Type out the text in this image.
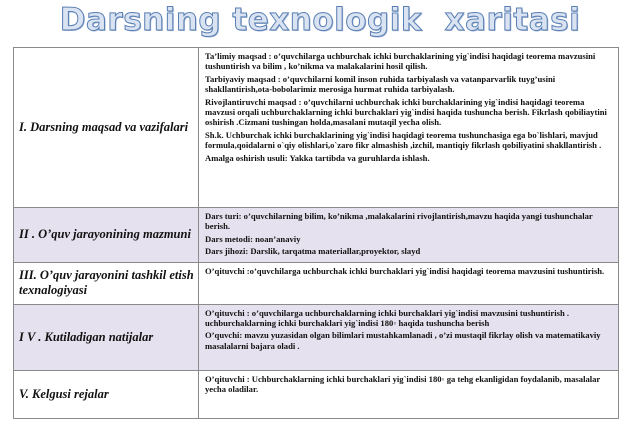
Darsning texnologik  xaritasi
I. Darsning maqsad va vazifalari	Ta’limiy maqsad : o’quvchilarga uchburchak ichki burchaklarining yig`indisi haqidagi teorema mavzusini tushuntirish va bilim , ko’nikma va malakalarini hosil qilish.

Tarbiyaviy maqsad : o’quvchilarni komil inson ruhida tarbiyalash va vatanparvarlik tuyg’usini shakllantirish,ota-bobolarimiz merosiga hurmat ruhida tarbiyalash.

Rivojlantiruvchi maqsad : o’quvchilarni uchburchak ichki burchaklarining yig`indisi haqidagi teorema mavzusi orqali uchburchaklarning ichki burchaklari yig`indisi haqida tushuncha berish. Fikrlash qobiliaytini oshirish .Cizmani tushingan holda,masalani mutaqil yecha olish.

Sh.k. Uchburchak ichki burchaklarining yig`indisi haqidagi teorema tushunchasiga ega bo`lishlari, mavjud formula,qoidalarni o`qiy olishlari,o`zaro fikr almashish ,izchil, mantiqiy fikrlash qobiliyatini shakllantirish .

Amalga oshirish usuli: Yakka tartibda va guruhlarda ishlash.

II . O’quv jarayonining mazmuni	Dars turi: o’quvchilarning bilim, ko’nikma ,malakalarini rivojlantirish,mavzu haqida yangi tushunchalar berish.

Dars metodi: noan’anaviy

Dars jihozi: Darslik, tarqatma materiallar,proyektor, slayd

III. O’quv jarayonini tashkil etish texnalogiyasi	O’qituvchi :o’quvchilarga uchburchak ichki burchaklari yig`indisi haqidagi teorema mavzusini tushuntirish.

I V . Kutiladigan natijalar	O’qituvchi : o’quvchilarga uchburchaklarning ichki burchaklari yig`indisi mavzusini tushuntirish . uchburchaklarning ichki burchaklari yig`indisi 180◦ haqida tushuncha berish

O’quvchi: mavzu yuzasidan olgan bilimlari mustahkamlanadi , o’zi mustaqil fikrlay olish va matematikaviy masalalarni bajara oladi .

V. Kelgusi rejalar	O’qituvchi : Uchburchaklarning ichki burchaklari yig`indisi 180◦ ga tehg ekanligidan foydalanib, masalalar yecha oladilar.
